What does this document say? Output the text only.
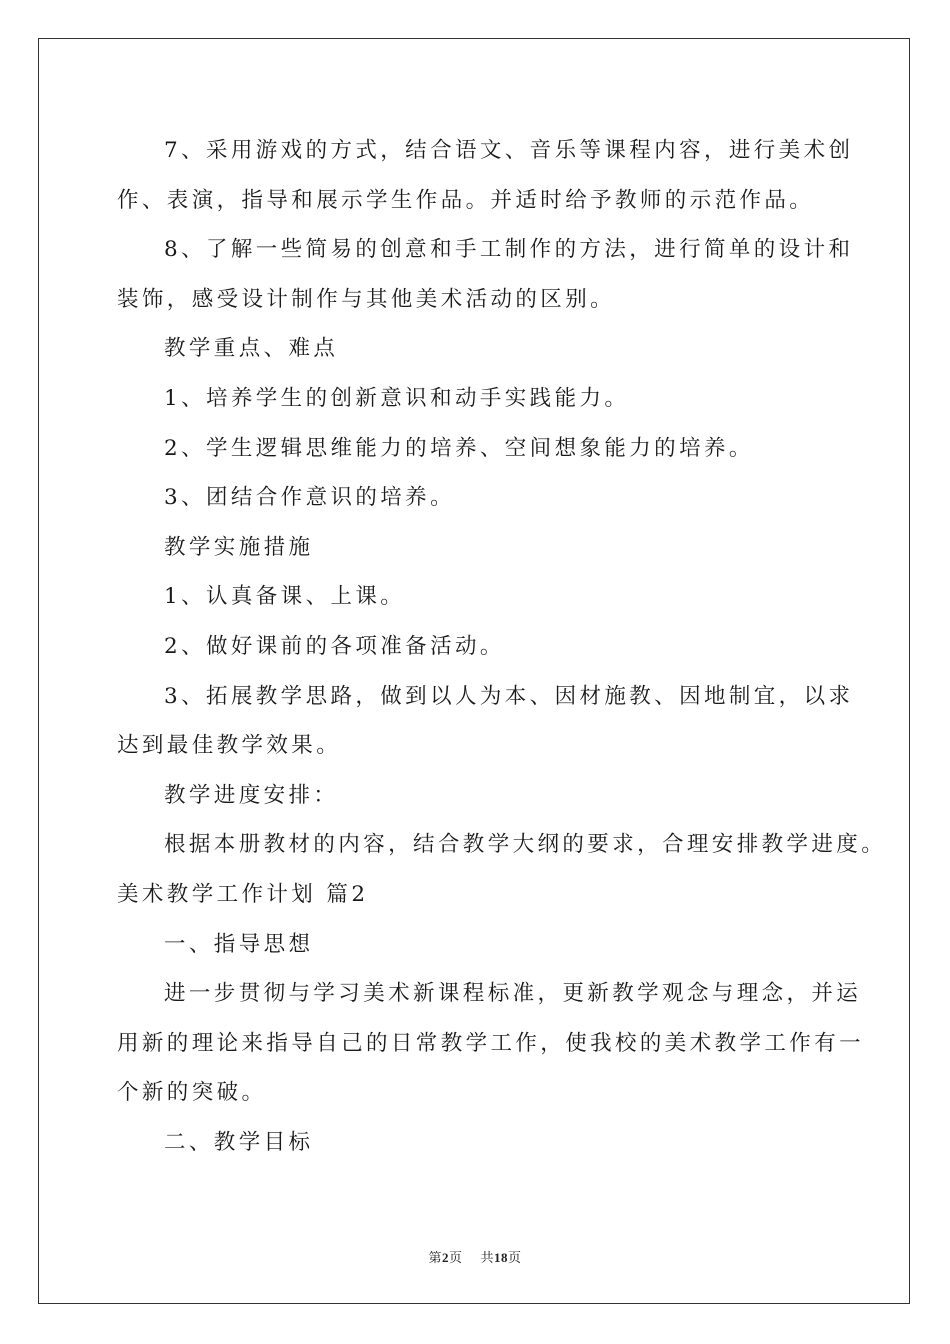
7、采用游戏的方式，结合语文、音乐等课程内容，进行美术创
作、表演，指导和展示学生作品。并适时给予教师的示范作品。
8、了解一些简易的创意和手工制作的方法，进行简单的设计和
装饰，感受设计制作与其他美术活动的区别。
教学重点、难点
1、培养学生的创新意识和动手实践能力。
2、学生逻辑思维能力的培养、空间想象能力的培养。
3、团结合作意识的培养。
教学实施措施
1、认真备课、上课。
2、做好课前的各项准备活动。
3、拓展教学思路，做到以人为本、因材施教、因地制宜，以求
达到最佳教学效果。
教学进度安排：
根据本册教材的内容，结合教学大纲的要求，合理安排教学进度。
美术教学工作计划 篇2
一、指导思想
进一步贯彻与学习美术新课程标准，更新教学观念与理念，并运
用新的理论来指导自己的日常教学工作，使我校的美术教学工作有一
个新的突破。
二、教学目标
第2页 共18页
